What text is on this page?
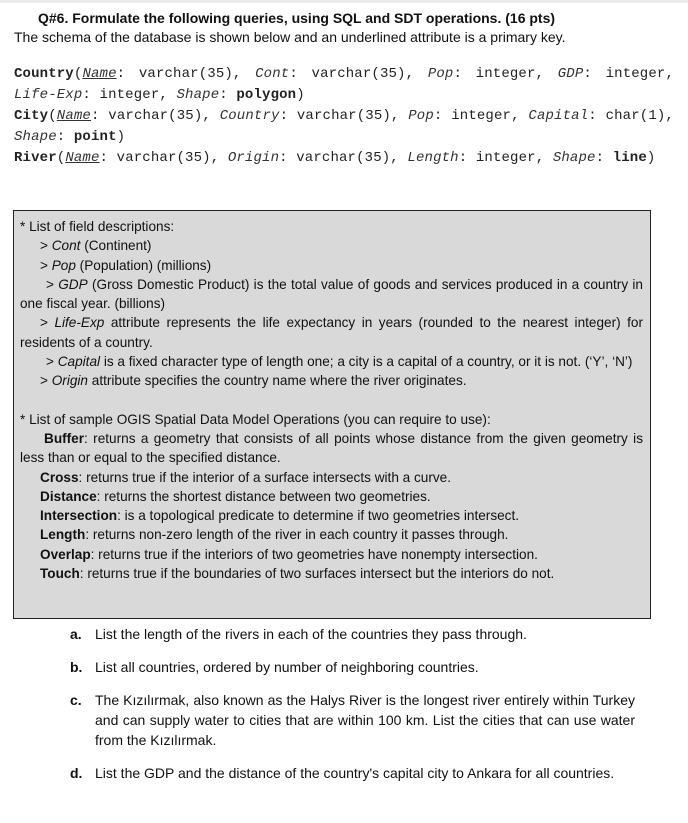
Q#6. Formulate the following queries, using SQL and SDT operations. (16 pts)

The schema of the database is shown below and an underlined attribute is a primary key.

Country(Name: varchar(35), Cont: varchar(35), Pop: integer, GDP: integer, Life-Exp: integer, Shape: polygon)
City(Name: varchar(35), Country: varchar(35), Pop: integer, Capital: char(1), Shape: point)
River(Name: varchar(35), Origin: varchar(35), Length: integer, Shape: line)

* List of field descriptions:

> Cont (Continent)

> Pop (Population) (millions)

> GDP (Gross Domestic Product) is the total value of goods and services produced in a country in one fiscal year. (billions)

> Life-Exp attribute represents the life expectancy in years (rounded to the nearest integer) for residents of a country.

> Capital is a fixed character type of length one; a city is a capital of a country, or it is not. (‘Y’, ‘N’)

> Origin attribute specifies the country name where the river originates.

* List of sample OGIS Spatial Data Model Operations (you can require to use):

Buffer: returns a geometry that consists of all points whose distance from the given geometry is less than or equal to the specified distance.

Cross: returns true if the interior of a surface intersects with a curve.

Distance: returns the shortest distance between two geometries.

Intersection: is a topological predicate to determine if two geometries intersect.

Length: returns non-zero length of the river in each country it passes through.

Overlap: returns true if the interiors of two geometries have nonempty intersection.

Touch: returns true if the boundaries of two surfaces intersect but the interiors do not.

a. List the length of the rivers in each of the countries they pass through.
b. List all countries, ordered by number of neighboring countries.
c. The Kızılırmak, also known as the Halys River is the longest river entirely within Turkey and can supply water to cities that are within 100 km. List the cities that can use water from the Kızılırmak.
d. List the GDP and the distance of the country's capital city to Ankara for all countries.
